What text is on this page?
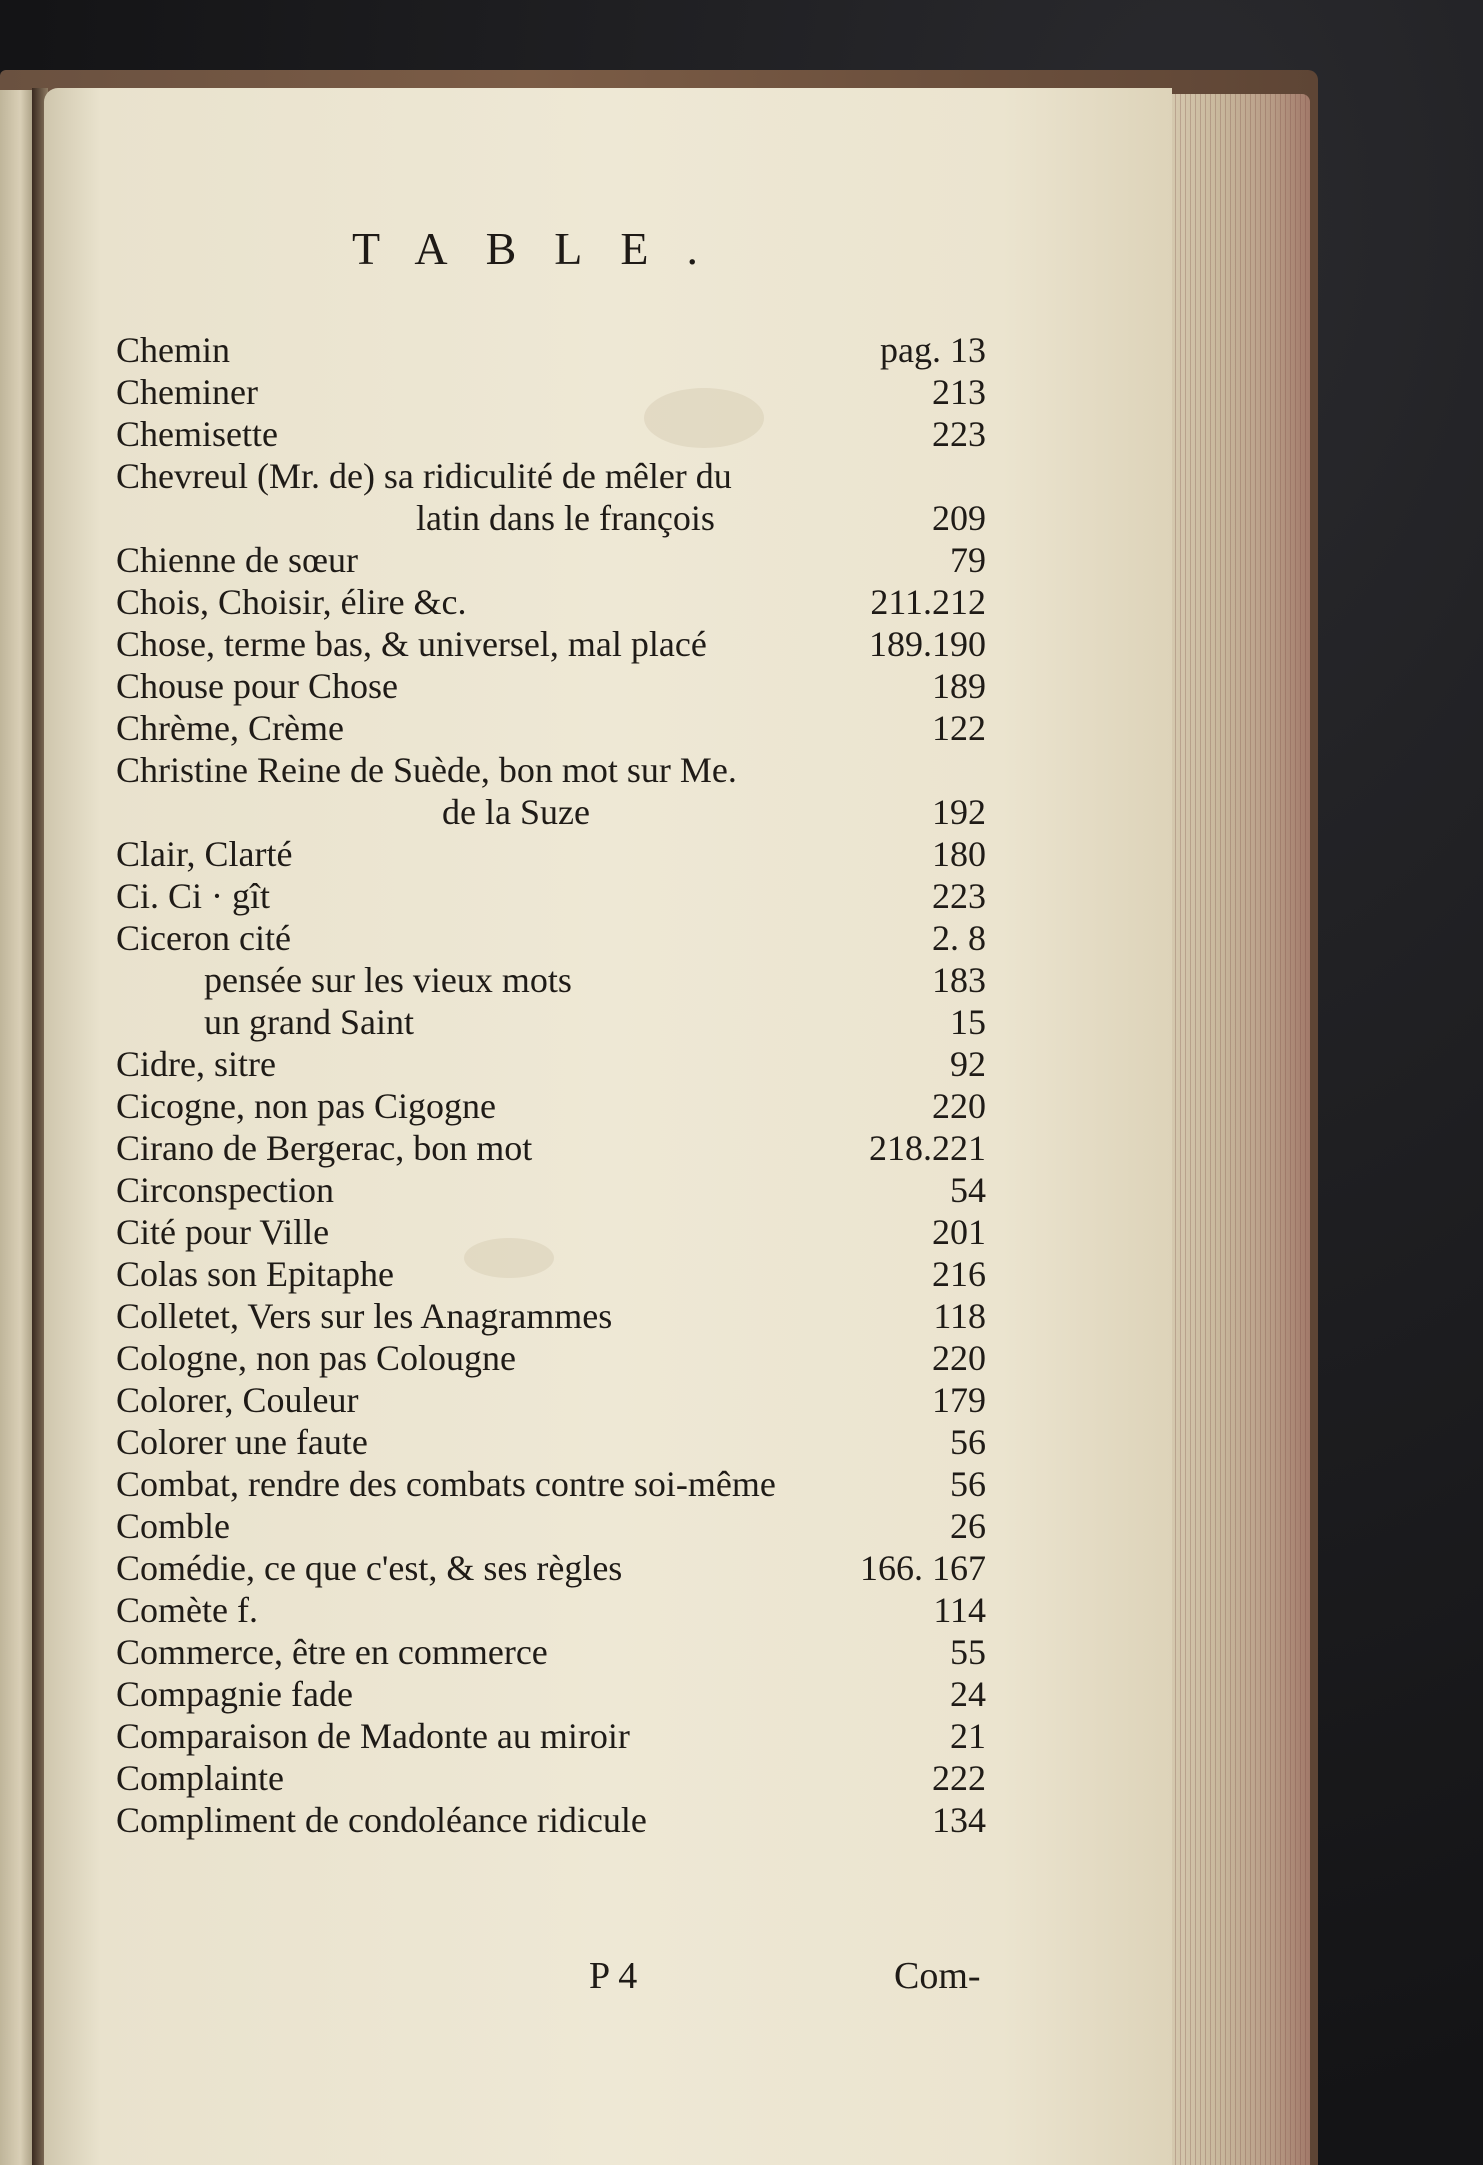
TABLE.
Chemin	pag. 13
Cheminer	213
Chemisette	223
Chevreul (Mr. de) sa ridiculité de mêler du
latin dans le françois	209
Chienne de sœur	79
Chois, Choisir, élire &c.	211.212
Chose, terme bas, & universel, mal placé	189.190
Chouse pour Chose	189
Chrème, Crème	122
Christine Reine de Suède, bon mot sur Me.
de la Suze	192
Clair, Clarté	180
Ci. Ci · gît	223
Ciceron cité	2. 8
pensée sur les vieux mots	183
un grand Saint	15
Cidre, sitre	92
Cicogne, non pas Cigogne	220
Cirano de Bergerac, bon mot	218.221
Circonspection	54
Cité pour Ville	201
Colas son Epitaphe	216
Colletet, Vers sur les Anagrammes	118
Cologne, non pas Colougne	220
Colorer, Couleur	179
Colorer une faute	56
Combat, rendre des combats contre soi-même	56
Comble	26
Comédie, ce que c'est, & ses règles	166. 167
Comète f.	114
Commerce, être en commerce	55
Compagnie fade	24
Comparaison de Madonte au miroir	21
Complainte	222
Compliment de condoléance ridicule	134
P 4	Com-
